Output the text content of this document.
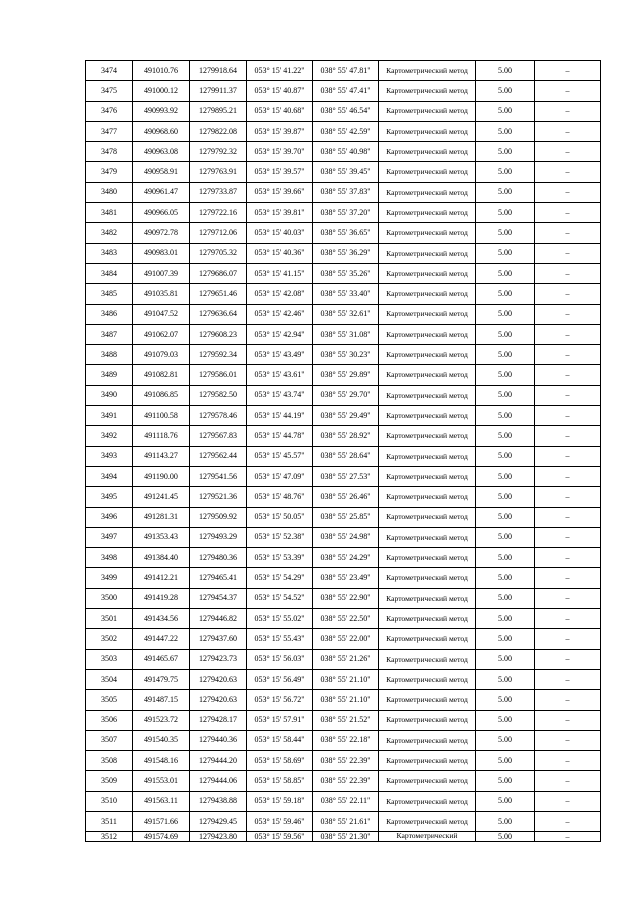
3474	491010.76	1279918.64	053° 15' 41.22"	038° 55' 47.81"	Картометрический метод	5.00	–
3475	491000.12	1279911.37	053° 15' 40.87"	038° 55' 47.41"	Картометрический метод	5.00	–
3476	490993.92	1279895.21	053° 15' 40.68"	038° 55' 46.54"	Картометрический метод	5.00	–
3477	490968.60	1279822.08	053° 15' 39.87"	038° 55' 42.59"	Картометрический метод	5.00	–
3478	490963.08	1279792.32	053° 15' 39.70"	038° 55' 40.98"	Картометрический метод	5.00	–
3479	490958.91	1279763.91	053° 15' 39.57"	038° 55' 39.45"	Картометрический метод	5.00	–
3480	490961.47	1279733.87	053° 15' 39.66"	038° 55' 37.83"	Картометрический метод	5.00	–
3481	490966.05	1279722.16	053° 15' 39.81"	038° 55' 37.20"	Картометрический метод	5.00	–
3482	490972.78	1279712.06	053° 15' 40.03"	038° 55' 36.65"	Картометрический метод	5.00	–
3483	490983.01	1279705.32	053° 15' 40.36"	038° 55' 36.29"	Картометрический метод	5.00	–
3484	491007.39	1279686.07	053° 15' 41.15"	038° 55' 35.26"	Картометрический метод	5.00	–
3485	491035.81	1279651.46	053° 15' 42.08"	038° 55' 33.40"	Картометрический метод	5.00	–
3486	491047.52	1279636.64	053° 15' 42.46"	038° 55' 32.61"	Картометрический метод	5.00	–
3487	491062.07	1279608.23	053° 15' 42.94"	038° 55' 31.08"	Картометрический метод	5.00	–
3488	491079.03	1279592.34	053° 15' 43.49"	038° 55' 30.23"	Картометрический метод	5.00	–
3489	491082.81	1279586.01	053° 15' 43.61"	038° 55' 29.89"	Картометрический метод	5.00	–
3490	491086.85	1279582.50	053° 15' 43.74"	038° 55' 29.70"	Картометрический метод	5.00	–
3491	491100.58	1279578.46	053° 15' 44.19"	038° 55' 29.49"	Картометрический метод	5.00	–
3492	491118.76	1279567.83	053° 15' 44.78"	038° 55' 28.92"	Картометрический метод	5.00	–
3493	491143.27	1279562.44	053° 15' 45.57"	038° 55' 28.64"	Картометрический метод	5.00	–
3494	491190.00	1279541.56	053° 15' 47.09"	038° 55' 27.53"	Картометрический метод	5.00	–
3495	491241.45	1279521.36	053° 15' 48.76"	038° 55' 26.46"	Картометрический метод	5.00	–
3496	491281.31	1279509.92	053° 15' 50.05"	038° 55' 25.85"	Картометрический метод	5.00	–
3497	491353.43	1279493.29	053° 15' 52.38"	038° 55' 24.98"	Картометрический метод	5.00	–
3498	491384.40	1279480.36	053° 15' 53.39"	038° 55' 24.29"	Картометрический метод	5.00	–
3499	491412.21	1279465.41	053° 15' 54.29"	038° 55' 23.49"	Картометрический метод	5.00	–
3500	491419.28	1279454.37	053° 15' 54.52"	038° 55' 22.90"	Картометрический метод	5.00	–
3501	491434.56	1279446.82	053° 15' 55.02"	038° 55' 22.50"	Картометрический метод	5.00	–
3502	491447.22	1279437.60	053° 15' 55.43"	038° 55' 22.00"	Картометрический метод	5.00	–
3503	491465.67	1279423.73	053° 15' 56.03"	038° 55' 21.26"	Картометрический метод	5.00	–
3504	491479.75	1279420.63	053° 15' 56.49"	038° 55' 21.10"	Картометрический метод	5.00	–
3505	491487.15	1279420.63	053° 15' 56.72"	038° 55' 21.10"	Картометрический метод	5.00	–
3506	491523.72	1279428.17	053° 15' 57.91"	038° 55' 21.52"	Картометрический метод	5.00	–
3507	491540.35	1279440.36	053° 15' 58.44"	038° 55' 22.18"	Картометрический метод	5.00	–
3508	491548.16	1279444.20	053° 15' 58.69"	038° 55' 22.39"	Картометрический метод	5.00	–
3509	491553.01	1279444.06	053° 15' 58.85"	038° 55' 22.39"	Картометрический метод	5.00	–
3510	491563.11	1279438.88	053° 15' 59.18"	038° 55' 22.11"	Картометрический метод	5.00	–
3511	491571.66	1279429.45	053° 15' 59.46"	038° 55' 21.61"	Картометрический метод	5.00	–
3512	491574.69	1279423.80	053° 15' 59.56"	038° 55' 21.30"	Картометрический	5.00	–
